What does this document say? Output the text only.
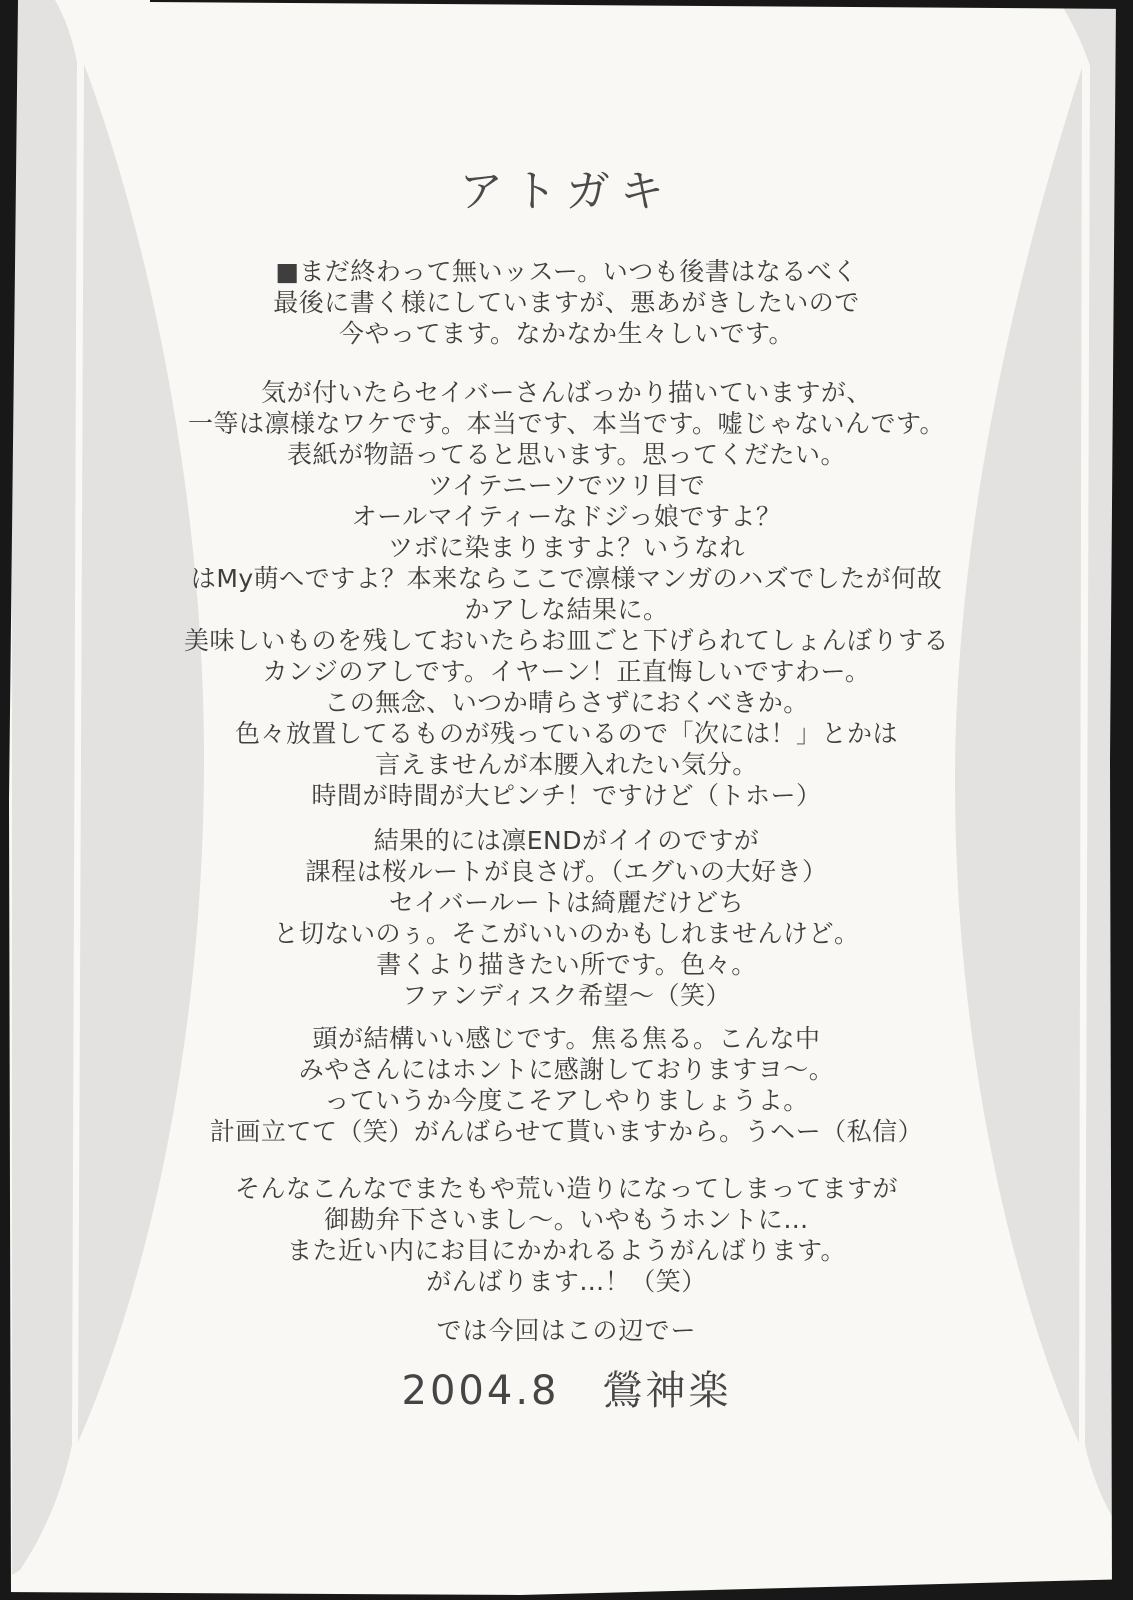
アトガキ

■まだ終わって無いッスー。いつも後書はなるべく
最後に書く様にしていますが、悪あがきしたいので
今やってます。なかなか生々しいです。

気が付いたらセイバーさんばっかり描いていますが、
一等は凛様なワケです。本当です、本当です。嘘じゃないんです。
表紙が物語ってると思います。思ってくだたい。
ツイテニーソでツリ目で
オールマイティーなドジっ娘ですよ？
ツボに染まりますよ？いうなれ
はMy萌へですよ？本来ならここで凛様マンガのハズでしたが何故
かアしな結果に。
美味しいものを残しておいたらお皿ごと下げられてしょんぼりする
カンジのアしです。イヤーン！正直悔しいですわー。
この無念、いつか晴らさずにおくべきか。
色々放置してるものが残っているので「次には！」とかは
言えませんが本腰入れたい気分。
時間が時間が大ピンチ！ですけど（トホー）

結果的には凛ENDがイイのですが
課程は桜ルートが良さげ。（エグいの大好き）
セイバールートは綺麗だけどち
と切ないのぅ。そこがいいのかもしれませんけど。
書くより描きたい所です。色々。
ファンディスク希望〜（笑）

頭が結構いい感じです。焦る焦る。こんな中
みやさんにはホントに感謝しておりますヨ〜。
っていうか今度こそアしやりましょうよ。
計画立てて（笑）がんばらせて貰いますから。うヘー（私信）

そんなこんなでまたもや荒い造りになってしまってますが
御勘弁下さいまし〜。いやもうホントに…
また近い内にお目にかかれるようがんばります。
がんばります…！（笑）

では今回はこの辺でー
2004.8　鶯神楽
